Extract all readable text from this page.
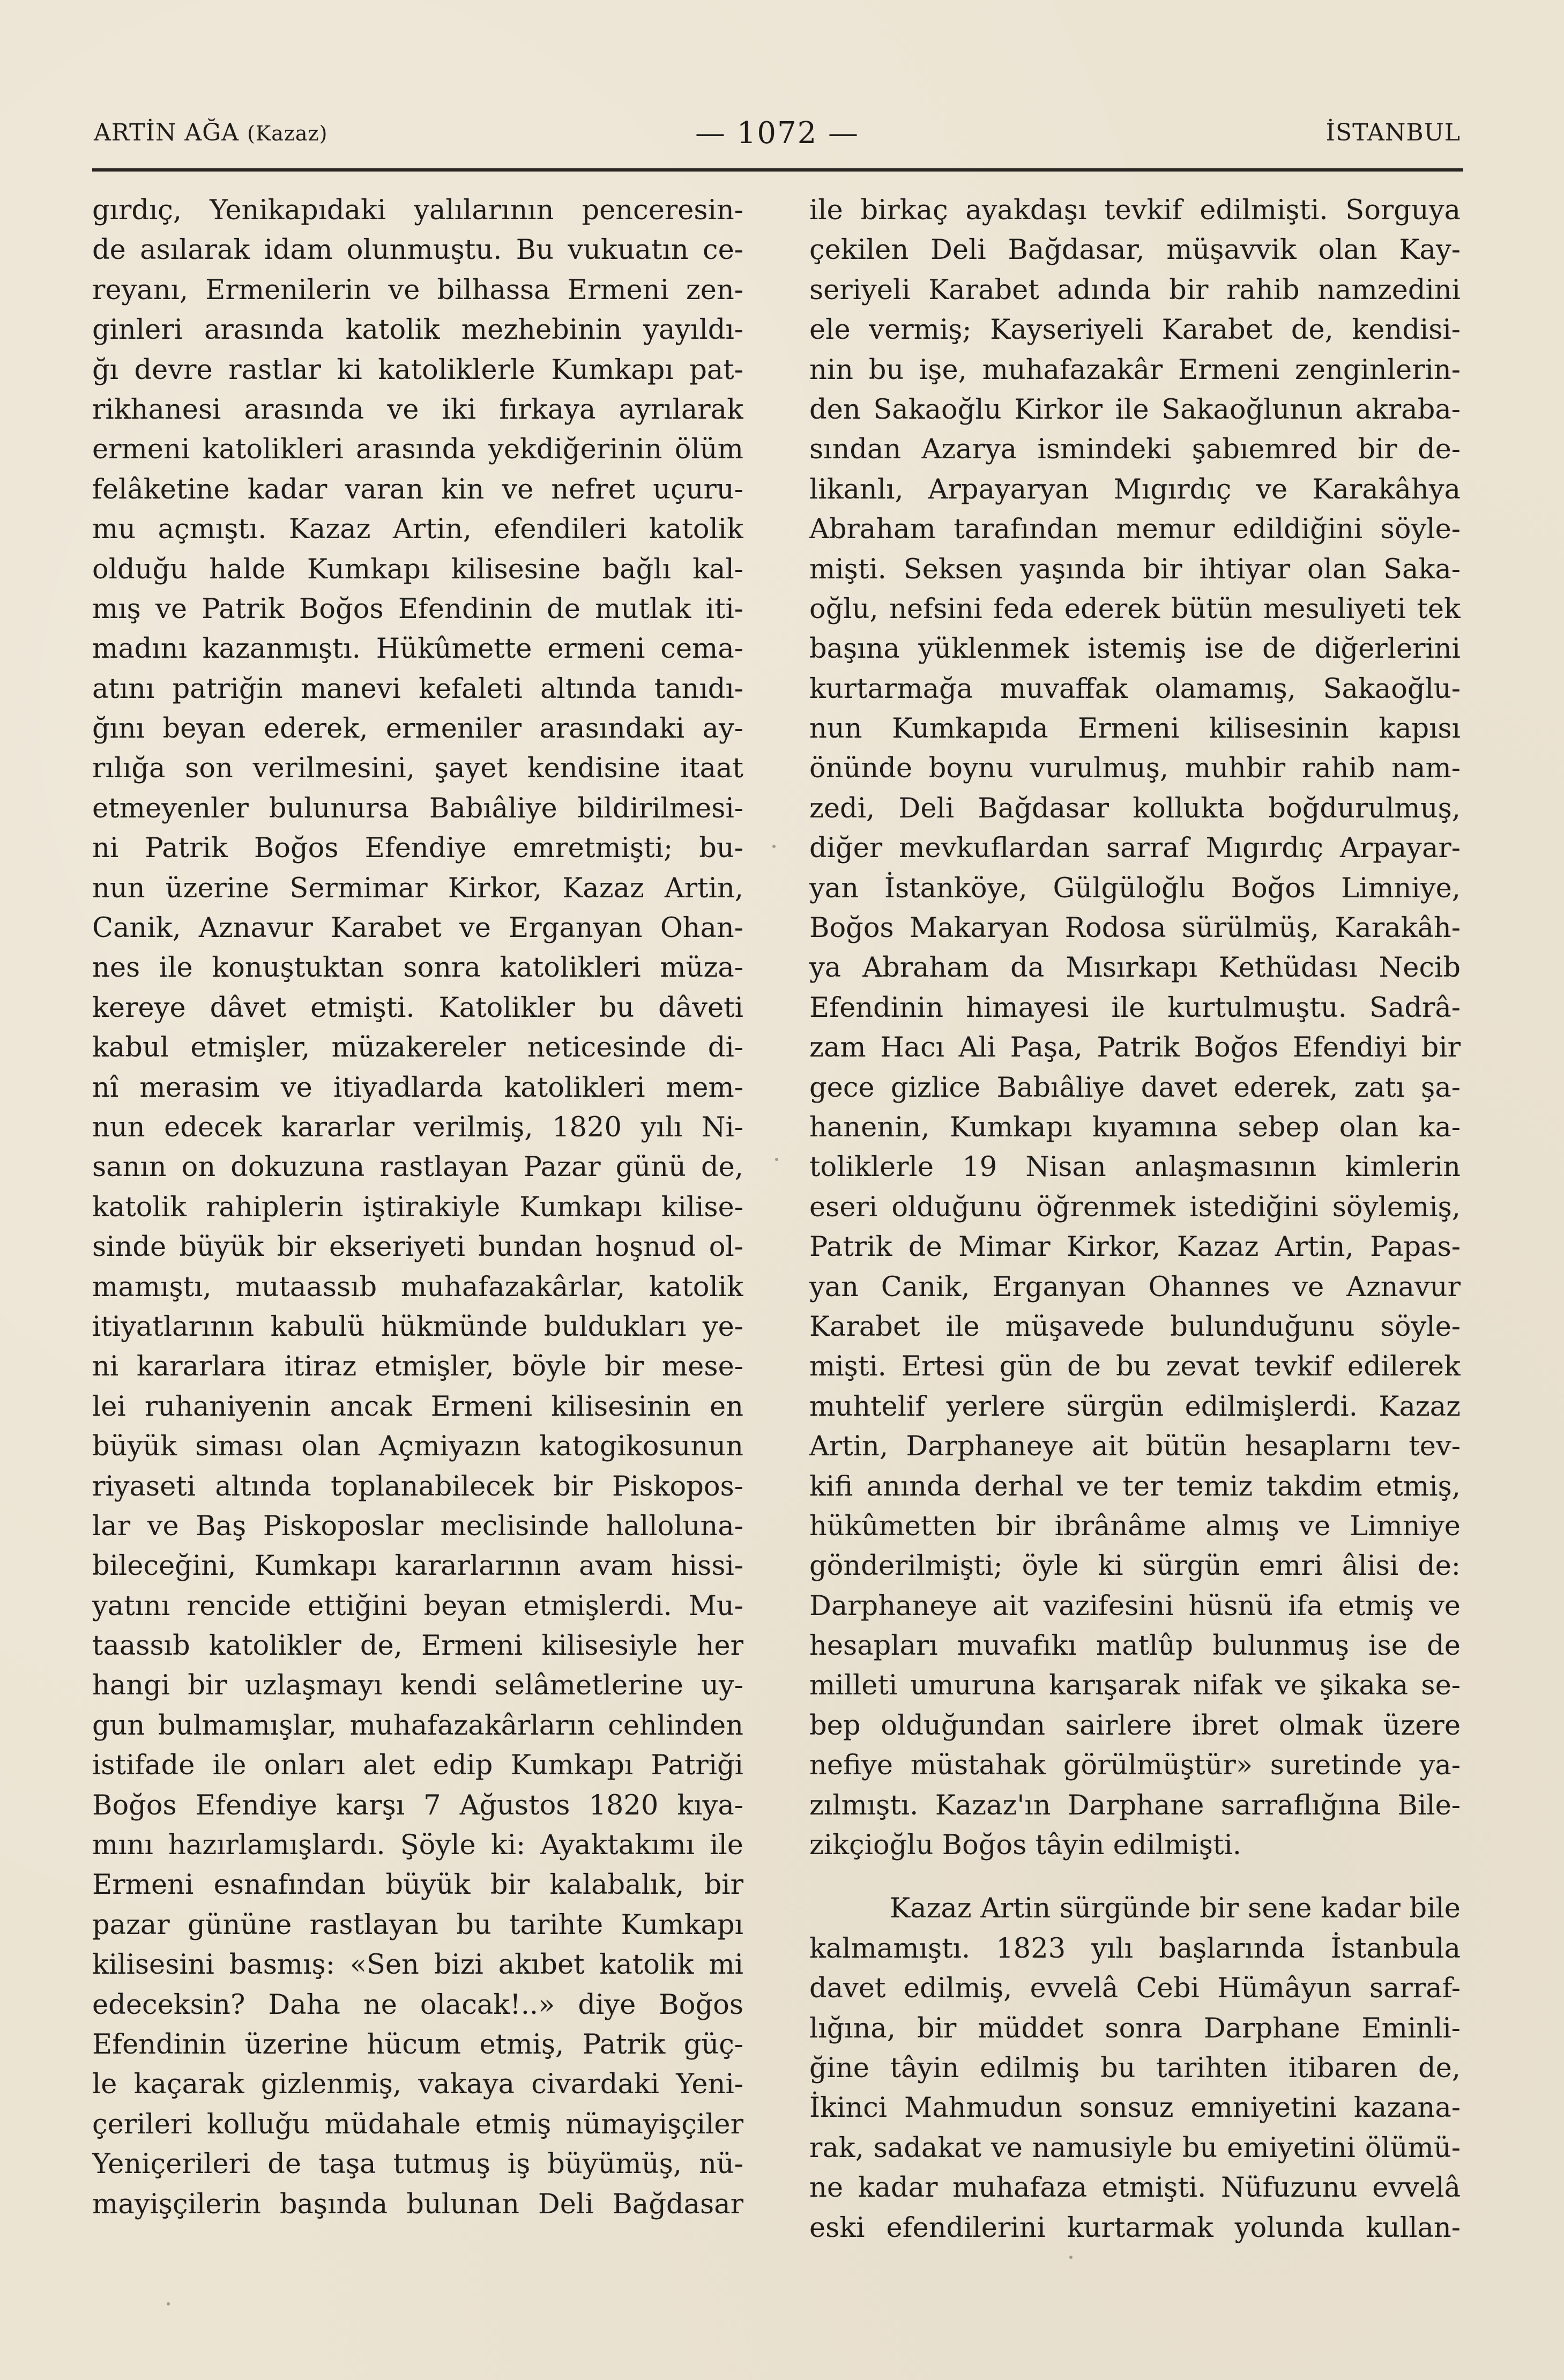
ARTİN AĞA (Kazaz)	— 1072 —	İSTANBUL
gırdıç, Yenikapıdaki yalılarının penceresin-
de asılarak idam olunmuştu. Bu vukuatın ce-
reyanı, Ermenilerin ve bilhassa Ermeni zen-
ginleri arasında katolik mezhebinin yayıldı-
ğı devre rastlar ki katoliklerle Kumkapı pat-
rikhanesi arasında ve iki fırkaya ayrılarak
ermeni katolikleri arasında yekdiğerinin ölüm
felâketine kadar varan kin ve nefret uçuru-
mu açmıştı. Kazaz Artin, efendileri katolik
olduğu halde Kumkapı kilisesine bağlı kal-
mış ve Patrik Boğos Efendinin de mutlak iti-
madını kazanmıştı. Hükûmette ermeni cema-
atını patriğin manevi kefaleti altında tanıdı-
ğını beyan ederek, ermeniler arasındaki ay-
rılığa son verilmesini, şayet kendisine itaat
etmeyenler bulunursa Babıâliye bildirilmesi-
ni Patrik Boğos Efendiye emretmişti; bu-
nun üzerine Sermimar Kirkor, Kazaz Artin,
Canik, Aznavur Karabet ve Erganyan Ohan-
nes ile konuştuktan sonra katolikleri müza-
kereye dâvet etmişti. Katolikler bu dâveti
kabul etmişler, müzakereler neticesinde di-
nî merasim ve itiyadlarda katolikleri mem-
nun edecek kararlar verilmiş, 1820 yılı Ni-
sanın on dokuzuna rastlayan Pazar günü de,
katolik rahiplerin iştirakiyle Kumkapı kilise-
sinde büyük bir ekseriyeti bundan hoşnud ol-
mamıştı, mutaassıb muhafazakârlar, katolik
itiyatlarının kabulü hükmünde buldukları ye-
ni kararlara itiraz etmişler, böyle bir mese-
lei ruhaniyenin ancak Ermeni kilisesinin en
büyük siması olan Açmiyazın katogikosunun
riyaseti altında toplanabilecek bir Piskopos-
lar ve Baş Piskoposlar meclisinde halloluna-
bileceğini, Kumkapı kararlarının avam hissi-
yatını rencide ettiğini beyan etmişlerdi. Mu-
taassıb katolikler de, Ermeni kilisesiyle her
hangi bir uzlaşmayı kendi selâmetlerine uy-
gun bulmamışlar, muhafazakârların cehlinden
istifade ile onları alet edip Kumkapı Patriği
Boğos Efendiye karşı 7 Ağustos 1820 kıya-
mını hazırlamışlardı. Şöyle ki: Ayaktakımı ile
Ermeni esnafından büyük bir kalabalık, bir
pazar gününe rastlayan bu tarihte Kumkapı
kilisesini basmış: «Sen bizi akıbet katolik mi
edeceksin? Daha ne olacak!..» diye Boğos
Efendinin üzerine hücum etmiş, Patrik güç-
le kaçarak gizlenmiş, vakaya civardaki Yeni-
çerileri kolluğu müdahale etmiş nümayişçiler
Yeniçerileri de taşa tutmuş iş büyümüş, nü-
mayişçilerin başında bulunan Deli Bağdasar
ile birkaç ayakdaşı tevkif edilmişti. Sorguya
çekilen Deli Bağdasar, müşavvik olan Kay-
seriyeli Karabet adında bir rahib namzedini
ele vermiş; Kayseriyeli Karabet de, kendisi-
nin bu işe, muhafazakâr Ermeni zenginlerin-
den Sakaoğlu Kirkor ile Sakaoğlunun akraba-
sından Azarya ismindeki şabıemred bir de-
likanlı, Arpayaryan Mıgırdıç ve Karakâhya
Abraham tarafından memur edildiğini söyle-
mişti. Seksen yaşında bir ihtiyar olan Saka-
oğlu, nefsini feda ederek bütün mesuliyeti tek
başına yüklenmek istemiş ise de diğerlerini
kurtarmağa muvaffak olamamış, Sakaoğlu-
nun Kumkapıda Ermeni kilisesinin kapısı
önünde boynu vurulmuş, muhbir rahib nam-
zedi, Deli Bağdasar kollukta boğdurulmuş,
diğer mevkuflardan sarraf Mıgırdıç Arpayar-
yan İstanköye, Gülgüloğlu Boğos Limniye,
Boğos Makaryan Rodosa sürülmüş, Karakâh-
ya Abraham da Mısırkapı Kethüdası Necib
Efendinin himayesi ile kurtulmuştu. Sadrâ-
zam Hacı Ali Paşa, Patrik Boğos Efendiyi bir
gece gizlice Babıâliye davet ederek, zatı şa-
hanenin, Kumkapı kıyamına sebep olan ka-
toliklerle 19 Nisan anlaşmasının kimlerin
eseri olduğunu öğrenmek istediğini söylemiş,
Patrik de Mimar Kirkor, Kazaz Artin, Papas-
yan Canik, Erganyan Ohannes ve Aznavur
Karabet ile müşavede bulunduğunu söyle-
mişti. Ertesi gün de bu zevat tevkif edilerek
muhtelif yerlere sürgün edilmişlerdi. Kazaz
Artin, Darphaneye ait bütün hesaplarnı tev-
kifi anında derhal ve ter temiz takdim etmiş,
hükûmetten bir ibrânâme almış ve Limniye
gönderilmişti; öyle ki sürgün emri âlisi de:
Darphaneye ait vazifesini hüsnü ifa etmiş ve
hesapları muvafıkı matlûp bulunmuş ise de
milleti umuruna karışarak nifak ve şikaka se-
bep olduğundan sairlere ibret olmak üzere
nefiye müstahak görülmüştür» suretinde ya-
zılmıştı. Kazaz'ın Darphane sarraflığına Bile-
zikçioğlu Boğos tâyin edilmişti.
Kazaz Artin sürgünde bir sene kadar bile
kalmamıştı. 1823 yılı başlarında İstanbula
davet edilmiş, evvelâ Cebi Hümâyun sarraf-
lığına, bir müddet sonra Darphane Eminli-
ğine tâyin edilmiş bu tarihten itibaren de,
İkinci Mahmudun sonsuz emniyetini kazana-
rak, sadakat ve namusiyle bu emiyetini ölümü-
ne kadar muhafaza etmişti. Nüfuzunu evvelâ
eski efendilerini kurtarmak yolunda kullan-
